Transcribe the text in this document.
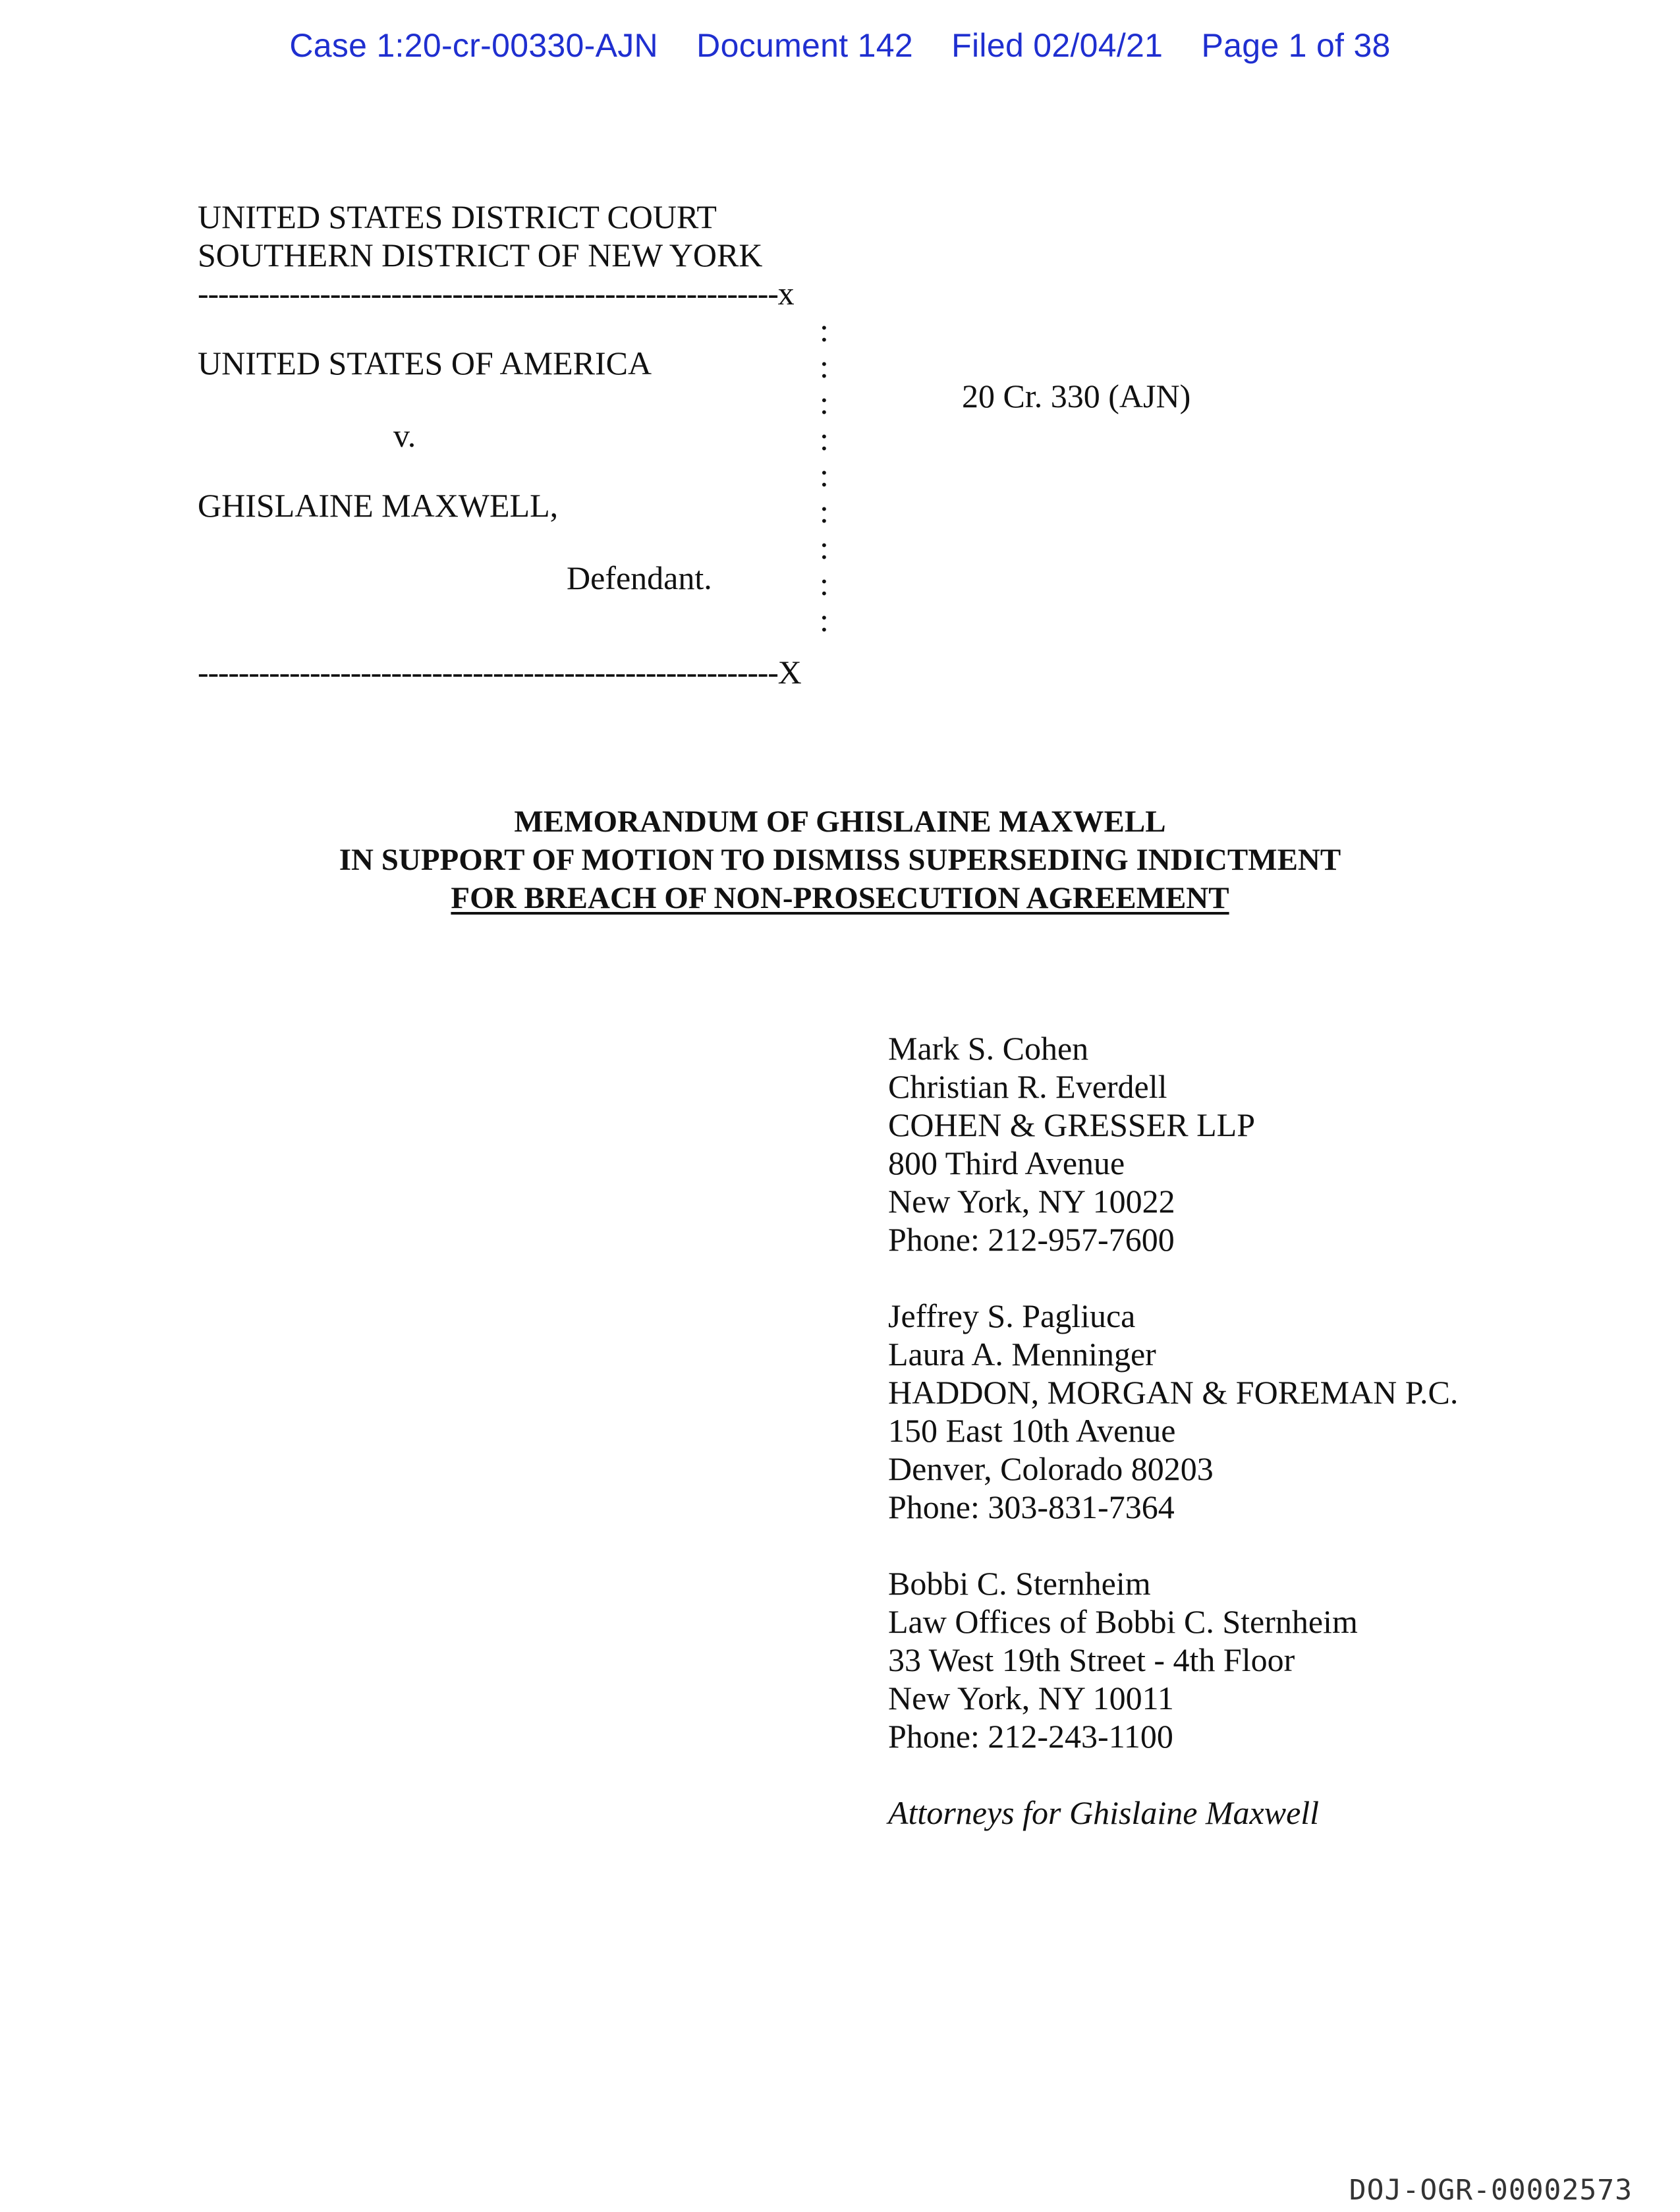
Case 1:20-cr-00330-AJN Document 142 Filed 02/04/21 Page 1 of 38
UNITED STATES DISTRICT COURT
SOUTHERN DISTRICT OF NEW YORK
---------------------------------------------------------x
:
:
:
:
:
:
:
:
:
UNITED STATES OF AMERICA
v.
GHISLAINE MAXWELL,
Defendant.
---------------------------------------------------------X
20 Cr. 330 (AJN)
MEMORANDUM OF GHISLAINE MAXWELL
IN SUPPORT OF MOTION TO DISMISS SUPERSEDING INDICTMENT
FOR BREACH OF NON-PROSECUTION AGREEMENT
Mark S. Cohen
Christian R. Everdell
COHEN & GRESSER LLP
800 Third Avenue
New York, NY 10022
Phone: 212-957-7600
Jeffrey S. Pagliuca
Laura A. Menninger
HADDON, MORGAN & FOREMAN P.C.
150 East 10th Avenue
Denver, Colorado 80203
Phone: 303-831-7364
Bobbi C. Sternheim
Law Offices of Bobbi C. Sternheim
33 West 19th Street - 4th Floor
New York, NY 10011
Phone: 212-243-1100
Attorneys for Ghislaine Maxwell
DOJ-OGR-00002573
